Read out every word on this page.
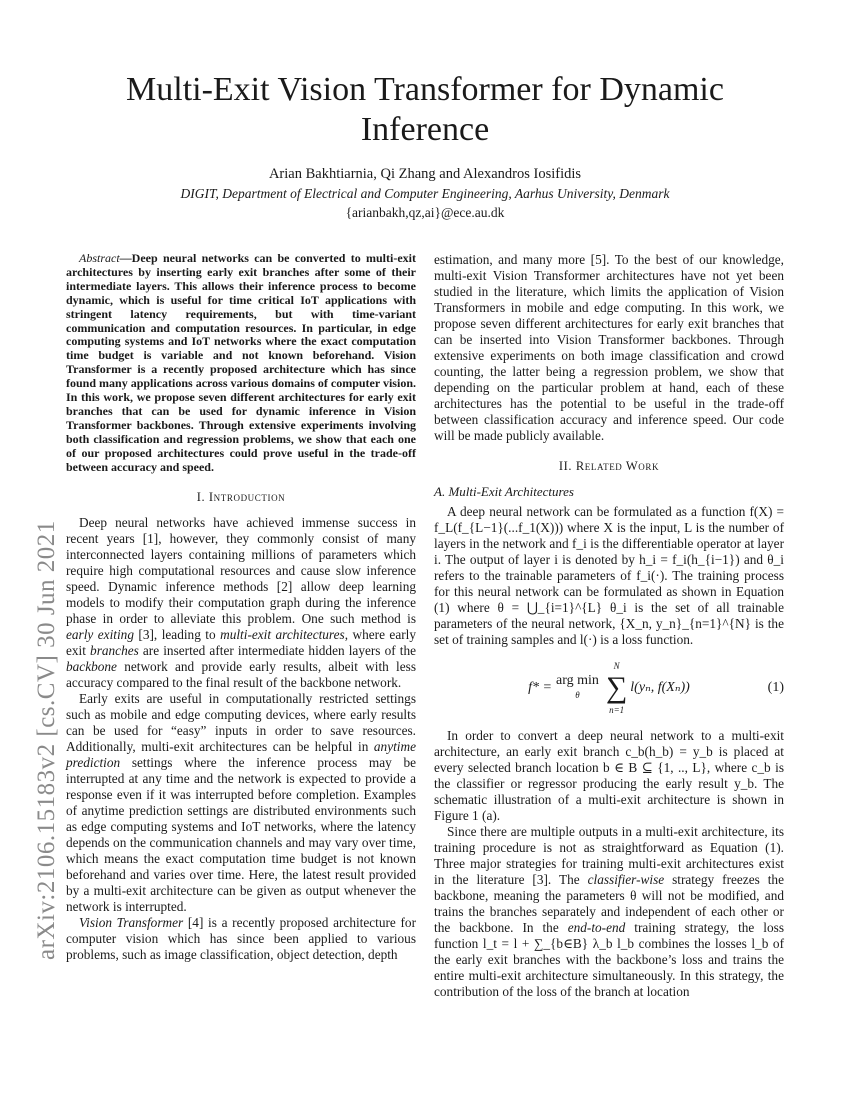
arXiv:2106.15183v2 [cs.CV] 30 Jun 2021
Multi-Exit Vision Transformer for Dynamic Inference
Arian Bakhtiarnia, Qi Zhang and Alexandros Iosifidis
DIGIT, Department of Electrical and Computer Engineering, Aarhus University, Denmark
{arianbakh,qz,ai}@ece.au.dk

Abstract—Deep neural networks can be converted to multi-exit architectures by inserting early exit branches after some of their intermediate layers. This allows their inference process to become dynamic, which is useful for time critical IoT applications with stringent latency requirements, but with time-variant communication and computation resources. In particular, in edge computing systems and IoT networks where the exact computation time budget is variable and not known beforehand. Vision Transformer is a recently proposed architecture which has since found many applications across various domains of computer vision. In this work, we propose seven different architectures for early exit branches that can be used for dynamic inference in Vision Transformer backbones. Through extensive experiments involving both classification and regression problems, we show that each one of our proposed architectures could prove useful in the trade-off between accuracy and speed.

I. Introduction

Deep neural networks have achieved immense success in recent years [1], however, they commonly consist of many interconnected layers containing millions of parameters which require high computational resources and cause slow inference speed. Dynamic inference methods [2] allow deep learning models to modify their computation graph during the inference phase in order to alleviate this problem. One such method is early exiting [3], leading to multi-exit architectures, where early exit branches are inserted after intermediate hidden layers of the backbone network and provide early results, albeit with less accuracy compared to the final result of the backbone network.

Early exits are useful in computationally restricted settings such as mobile and edge computing devices, where early results can be used for “easy” inputs in order to save resources. Additionally, multi-exit architectures can be helpful in anytime prediction settings where the inference process may be interrupted at any time and the network is expected to provide a response even if it was interrupted before completion. Examples of anytime prediction settings are distributed environments such as edge computing systems and IoT networks, where the latency depends on the communication channels and may vary over time, which means the exact computation time budget is not known beforehand and varies over time. Here, the latest result provided by a multi-exit architecture can be given as output whenever the network is interrupted.

Vision Transformer [4] is a recently proposed architecture for computer vision which has since been applied to various problems, such as image classification, object detection, depth

estimation, and many more [5]. To the best of our knowledge, multi-exit Vision Transformer architectures have not yet been studied in the literature, which limits the application of Vision Transformers in mobile and edge computing. In this work, we propose seven different architectures for early exit branches that can be inserted into Vision Transformer backbones. Through extensive experiments on both image classification and crowd counting, the latter being a regression problem, we show that depending on the particular problem at hand, each of these architectures has the potential to be useful in the trade-off between classification accuracy and inference speed. Our code will be made publicly available.

II. Related Work
A. Multi-Exit Architectures

A deep neural network can be formulated as a function f(X) = f_L(f_{L−1}(...f_1(X))) where X is the input, L is the number of layers in the network and f_i is the differentiable operator at layer i. The output of layer i is denoted by h_i = f_i(h_{i−1}) and θ_i refers to the trainable parameters of f_i(·). The training process for this neural network can be formulated as shown in Equation (1) where θ = ⋃_{i=1}^{L} θ_i is the set of all trainable parameters of the neural network, {X_n, y_n}_{n=1}^{N} is the set of training samples and l(·) is a loss function.

f* = arg min
θ
N
∑
n=1
l(yₙ, f(Xₙ))	(1)

In order to convert a deep neural network to a multi-exit architecture, an early exit branch c_b(h_b) = y_b is placed at every selected branch location b ∈ B ⊆ {1, .., L}, where c_b is the classifier or regressor producing the early result y_b. The schematic illustration of a multi-exit architecture is shown in Figure 1 (a).

Since there are multiple outputs in a multi-exit architecture, its training procedure is not as straightforward as Equation (1). Three major strategies for training multi-exit architectures exist in the literature [3]. The classifier-wise strategy freezes the backbone, meaning the parameters θ will not be modified, and trains the branches separately and independent of each other or the backbone. In the end-to-end training strategy, the loss function l_t = l + ∑_{b∈B} λ_b l_b combines the losses l_b of the early exit branches with the backbone’s loss and trains the entire multi-exit architecture simultaneously. In this strategy, the contribution of the loss of the branch at location
